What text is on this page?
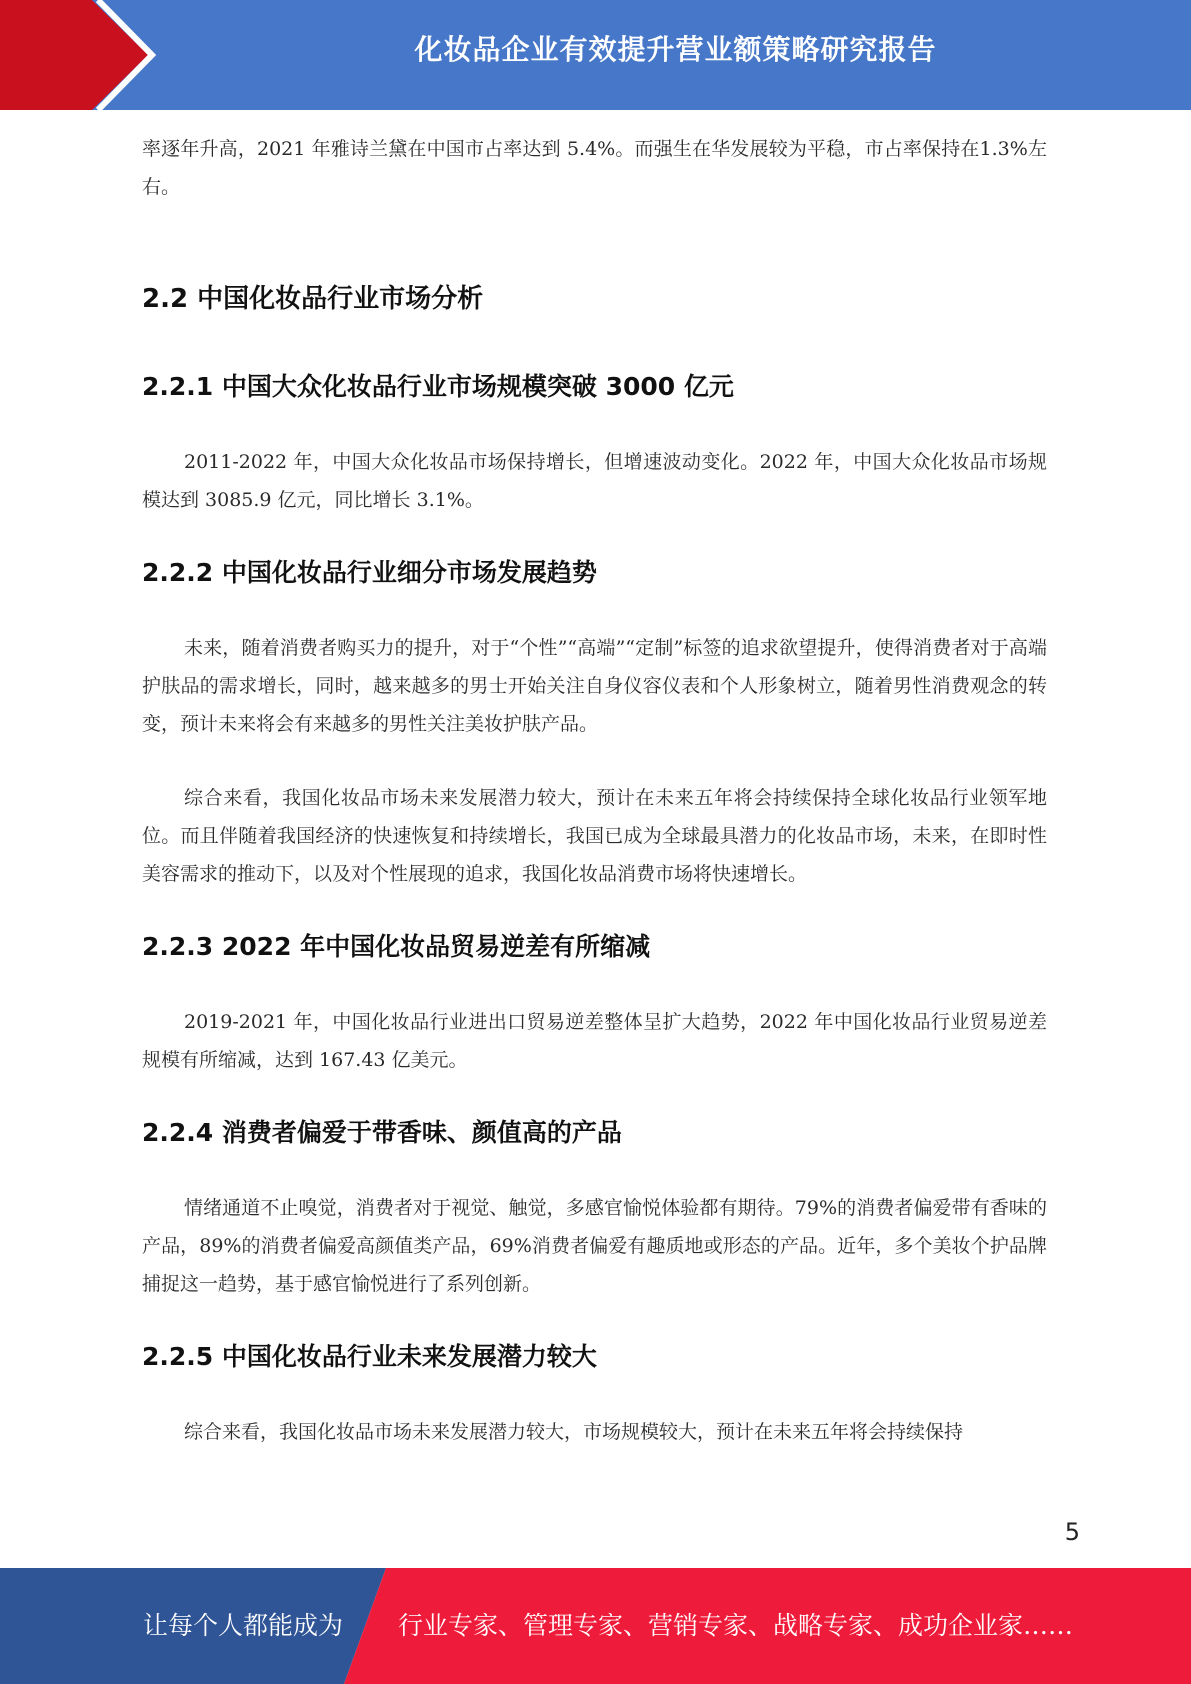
化妆品企业有效提升营业额策略研究报告

率逐年升高，2021 年雅诗兰黛在中国市占率达到 5.4%。而强生在华发展较为平稳，市占率保持在1.3%左右。

2.2 中国化妆品行业市场分析
2.2.1 中国大众化妆品行业市场规模突破 3000 亿元

2011-2022 年，中国大众化妆品市场保持增长，但增速波动变化。2022 年，中国大众化妆品市场规模达到 3085.9 亿元，同比增长 3.1%。

2.2.2 中国化妆品行业细分市场发展趋势

未来，随着消费者购买力的提升，对于“个性”“高端”“定制”标签的追求欲望提升，使得消费者对于高端护肤品的需求增长，同时，越来越多的男士开始关注自身仪容仪表和个人形象树立，随着男性消费观念的转变，预计未来将会有来越多的男性关注美妆护肤产品。

综合来看，我国化妆品市场未来发展潜力较大，预计在未来五年将会持续保持全球化妆品行业领军地位。而且伴随着我国经济的快速恢复和持续增长，我国已成为全球最具潜力的化妆品市场，未来，在即时性美容需求的推动下，以及对个性展现的追求，我国化妆品消费市场将快速增长。

2.2.3 2022 年中国化妆品贸易逆差有所缩减

2019-2021 年，中国化妆品行业进出口贸易逆差整体呈扩大趋势，2022 年中国化妆品行业贸易逆差规模有所缩减，达到 167.43 亿美元。

2.2.4 消费者偏爱于带香味、颜值高的产品

情绪通道不止嗅觉，消费者对于视觉、触觉，多感官愉悦体验都有期待。79%的消费者偏爱带有香味的产品，89%的消费者偏爱高颜值类产品，69%消费者偏爱有趣质地或形态的产品。近年，多个美妆个护品牌捕捉这一趋势，基于感官愉悦进行了系列创新。

2.2.5 中国化妆品行业未来发展潜力较大

综合来看，我国化妆品市场未来发展潜力较大，市场规模较大，预计在未来五年将会持续保持

5
让每个人都能成为 行业专家、管理专家、营销专家、战略专家、成功企业家……
